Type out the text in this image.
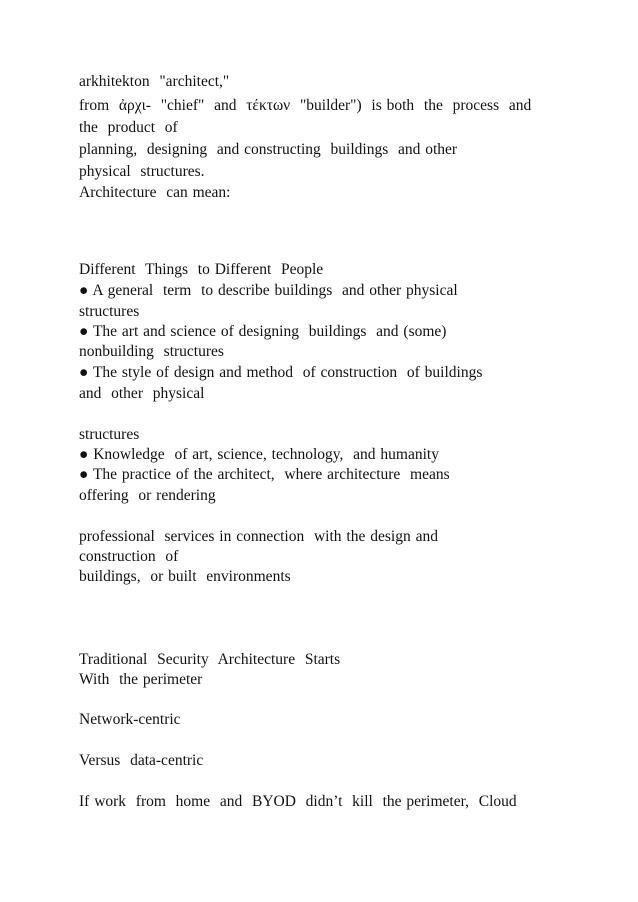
arkhitekton  "architect,"

from  ἀρχι-  "chief"  and  τέκτων  "builder")  is both  the  process  and

the  product  of

planning,  designing  and constructing  buildings  and other

physical  structures.

Architecture  can mean:

Different  Things  to Different  People

● A general  term  to describe buildings  and other physical

structures

● The art and science of designing  buildings  and (some)

nonbuilding  structures

● The style of design and method  of construction  of buildings

and  other  physical

structures

● Knowledge  of art, science, technology,  and humanity

● The practice of the architect,  where architecture  means

offering  or rendering

professional  services in connection  with the design and

construction  of

buildings,  or built  environments

Traditional  Security  Architecture  Starts

With  the perimeter

Network-centric

Versus  data-centric

If work  from  home  and  BYOD  didn’t  kill  the perimeter,  Cloud
